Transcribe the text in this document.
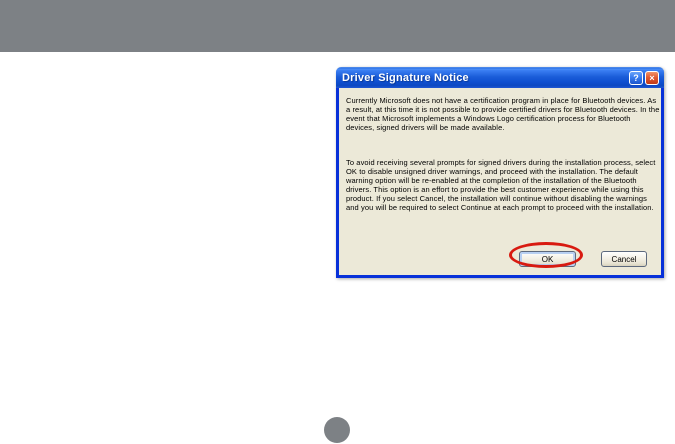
Driver Signature Notice	?	×

Currently Microsoft does not have a certification program in place for Bluetooth devices. As a result, at this time it is not possible to provide certified drivers for Bluetooth devices. In the event that Microsoft implements a Windows Logo certification process for Bluetooth devices, signed drivers will be made available.

To avoid receiving several prompts for signed drivers during the installation process, select OK to disable unsigned driver warnings, and proceed with the installation. The default warning option will be re-enabled at the completion of the installation of the Bluetooth drivers. This option is an effort to provide the best customer experience while using this product. If you select Cancel, the installation will continue without disabling the warnings and you will be required to select Continue at each prompt to proceed with the installation.

OK	Cancel
